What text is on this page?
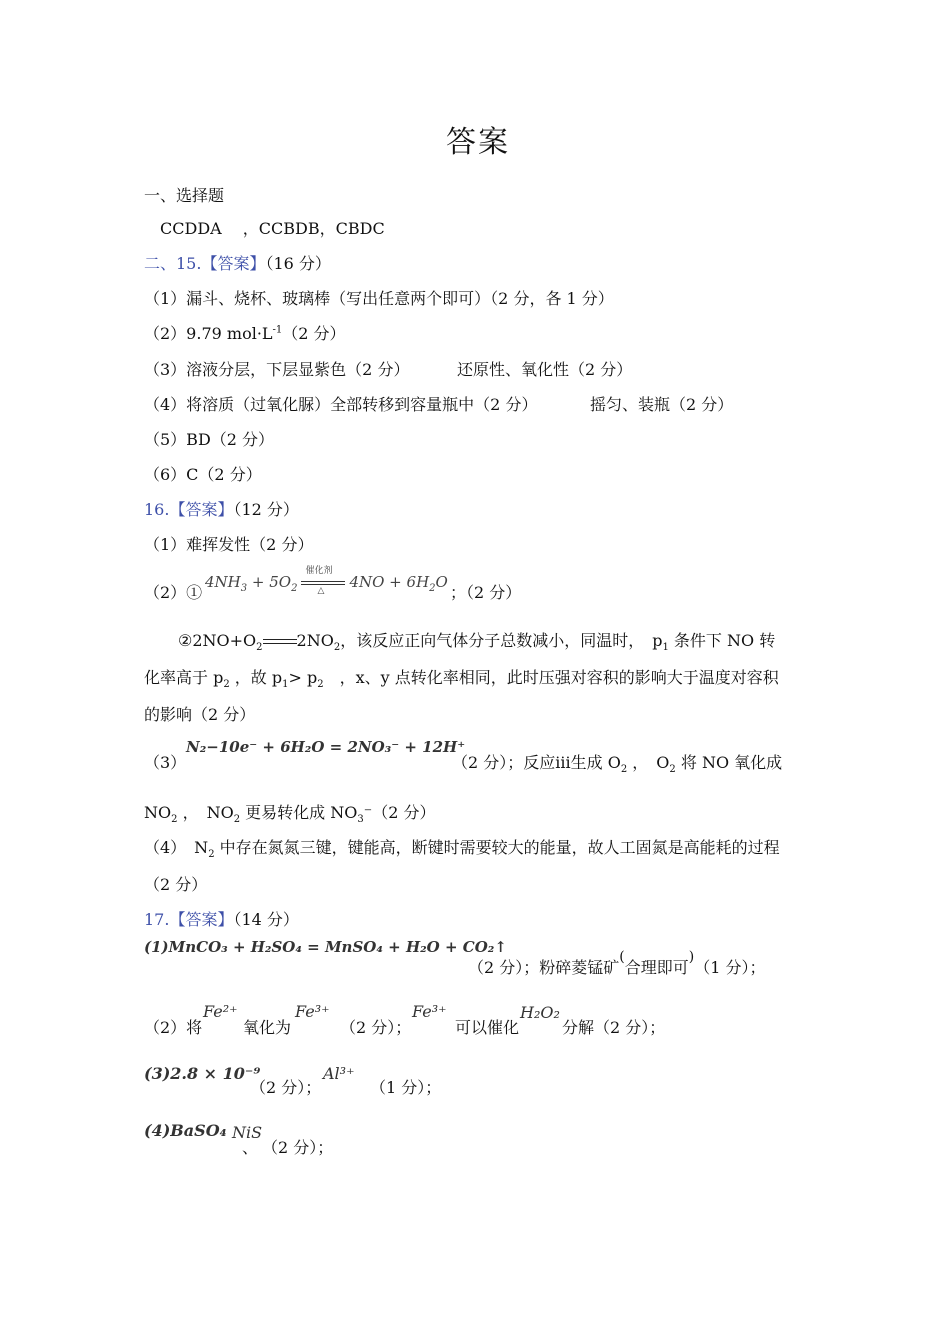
答案
一、选择题
CCDDA　 ，CCBDB，CBDC
二、15.【答案】（16 分）
（1）漏斗、烧杯、玻璃棒（写出任意两个即可）（2 分，各 1 分）
（2）9.79 $mol\cdot L^{-1}(2$ 分）
（3）溶液分层，下层显紫色（2 分）	还原性、氧化性（2 分）
（4）将溶质（过氧化脲）全部转移到容量瓶中（2 分）	摇匀、装瓶（2 分）
（5）BD（2 分）
（6）C（2 分）
16.【答案】（12 分）
（1）难挥发性（2 分）
（2）①
$4NH_3 + 5O_2$
催化剂
△ $4NO + 6H_2O$
；（2 分）
$②2NO+O_2$ $2NO_2$，该反应正向气体分子总数减小，同温时，　$p_1$ 条件下 NO 转
化率高于 $p_2$ ，故 $p_1> p_2$　，x、y 点转化率相同，此时压强对容积的影响大于温度对容积
的影响（2 分）
（3）
N₂−10e⁻ + 6H₂O = 2NO₃⁻ + 12H⁺
（2 分）；反应iii生成 $O_2$ ，　$O_2$ 将 NO 氧化成
$NO_2$ ，　$NO_2$ 更易转化成 $NO_3^-(2$ 分）
（4）　$N_2$ 中存在氮氮三键，键能高，断键时需要较大的能量，故人工固氮是高能耗的过程
（2 分）
17.【答案】（14 分）
(1)MnCO₃ + H₂SO₄ = MnSO₄ + H₂O + CO₂↑
（2 分）；粉碎菱锰矿(合理即可)（1 分）；
（2）将
Fe²⁺
氧化为
Fe³⁺
（2 分）；
Fe³⁺
可以催化
H₂O₂
分解（2 分）；
(3)2.8 × 10⁻⁹
（2 分）；
Al³⁺
（1 分）；
(4)BaSO₄ NiS
、 （2 分）；
